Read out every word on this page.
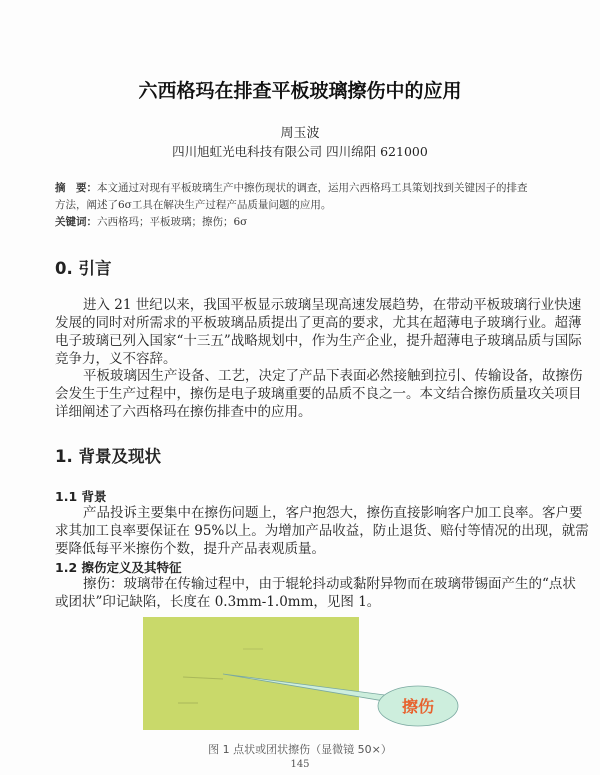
六西格玛在排查平板玻璃擦伤中的应用
周玉波
四川旭虹光电科技有限公司 四川绵阳 621000
摘　要：本文通过对现有平板玻璃生产中擦伤现状的调查，运用六西格玛工具策划找到关键因子的排查
方法，阐述了6σ工具在解决生产过程产品质量问题的应用。
关键词：六西格玛；平板玻璃；擦伤；6σ
0. 引言
进入 21 世纪以来，我国平板显示玻璃呈现高速发展趋势，在带动平板玻璃行业快速
发展的同时对所需求的平板玻璃品质提出了更高的要求，尤其在超薄电子玻璃行业。超薄
电子玻璃已列入国家“十三五”战略规划中，作为生产企业，提升超薄电子玻璃品质与国际
竞争力，义不容辞。
平板玻璃因生产设备、工艺，决定了产品下表面必然接触到拉引、传输设备，故擦伤
会发生于生产过程中，擦伤是电子玻璃重要的品质不良之一。本文结合擦伤质量攻关项目
详细阐述了六西格玛在擦伤排查中的应用。
1. 背景及现状
1.1 背景
产品投诉主要集中在擦伤问题上，客户抱怨大，擦伤直接影响客户加工良率。客户要
求其加工良率要保证在 95%以上。为增加产品收益，防止退货、赔付等情况的出现，就需
要降低每平米擦伤个数，提升产品表观质量。
1.2 擦伤定义及其特征
擦伤：玻璃带在传输过程中，由于辊轮抖动或黏附异物而在玻璃带锡面产生的“点状
或团状”印记缺陷，长度在 0.3mm-1.0mm，见图 1。
擦伤
图 1 点状或团状擦伤（显微镜 50×）
145
